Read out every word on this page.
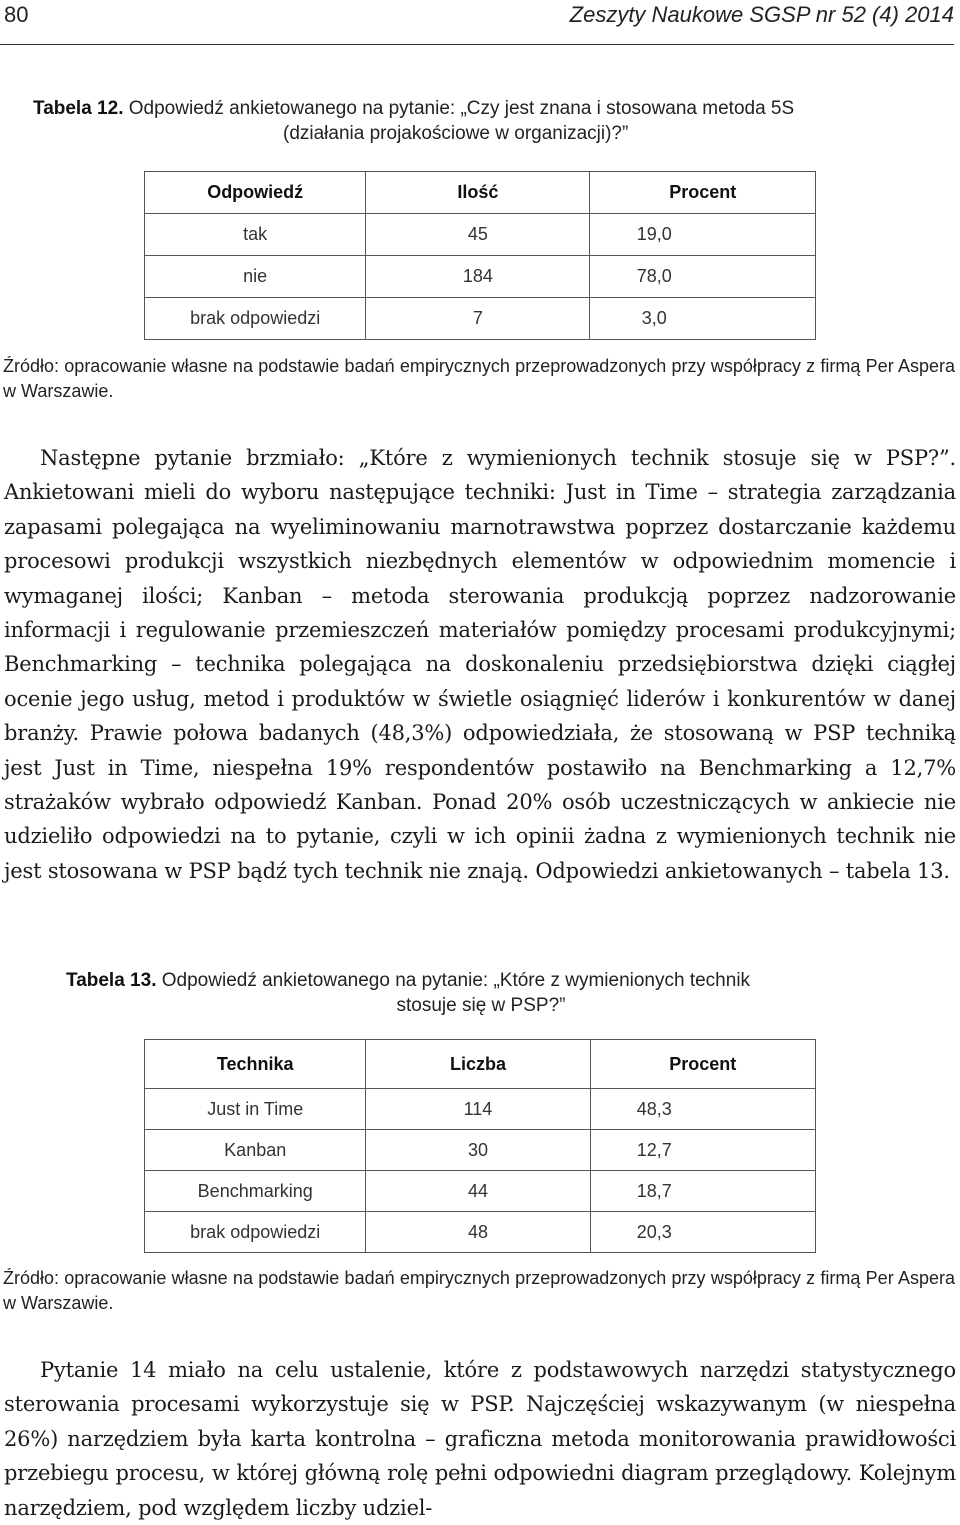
80	Zeszyty Naukowe SGSP nr 52 (4) 2014
Tabela 12. Odpowiedź ankietowanego na pytanie: „Czy jest znana i stosowana metoda 5S
(działania projakościowe w organizacji)?”
Odpowiedź	Ilość	Procent
tak	45	19,0
nie	184	78,0
brak odpowiedzi	7	3,0
Źródło: opracowanie własne na podstawie badań empirycznych przeprowadzonych przy współpracy z firmą Per Aspera w Warszawie.
Następne pytanie brzmiało: „Które z wymienionych technik stosuje się w PSP?”. Ankietowani mieli do wyboru następujące techniki: Just in Time – strategia zarządzania zapasami polegająca na wyeliminowaniu marnotrawstwa poprzez dostarczanie każdemu procesowi produkcji wszystkich niezbędnych elementów w odpowiednim momencie i wymaganej ilości; Kanban – metoda sterowania produkcją poprzez nadzorowanie informacji i regulowanie przemieszczeń materiałów pomiędzy procesami produkcyjnymi; Benchmarking – technika polegająca na doskonaleniu przedsiębiorstwa dzięki ciągłej ocenie jego usług, metod i produktów w świetle osiągnięć liderów i konkurentów w danej branży. Prawie połowa badanych (48,3%) odpowiedziała, że stosowaną w PSP techniką jest Just in Time, niespełna 19% respondentów postawiło na Benchmarking a 12,7% strażaków wybrało odpowiedź Kanban. Ponad 20% osób uczestniczących w ankiecie nie udzieliło odpowiedzi na to pytanie, czyli w ich opinii żadna z wymienionych technik nie jest stosowana w PSP bądź tych technik nie znają. Odpowiedzi ankietowanych – tabela 13.
Tabela 13. Odpowiedź ankietowanego na pytanie: „Które z wymienionych technik
stosuje się w PSP?”
Technika	Liczba	Procent
Just in Time	114	48,3
Kanban	30	12,7
Benchmarking	44	18,7
brak odpowiedzi	48	20,3
Źródło: opracowanie własne na podstawie badań empirycznych przeprowadzonych przy współpracy z firmą Per Aspera w Warszawie.
Pytanie 14 miało na celu ustalenie, które z podstawowych narzędzi statystycznego sterowania procesami wykorzystuje się w PSP. Najczęściej wskazywanym (w niespełna 26%) narzędziem była karta kontrolna – graficzna metoda monitorowania prawidłowości przebiegu procesu, w której główną rolę pełni odpowiedni diagram przeglądowy. Kolejnym narzędziem, pod względem liczby udziel-
